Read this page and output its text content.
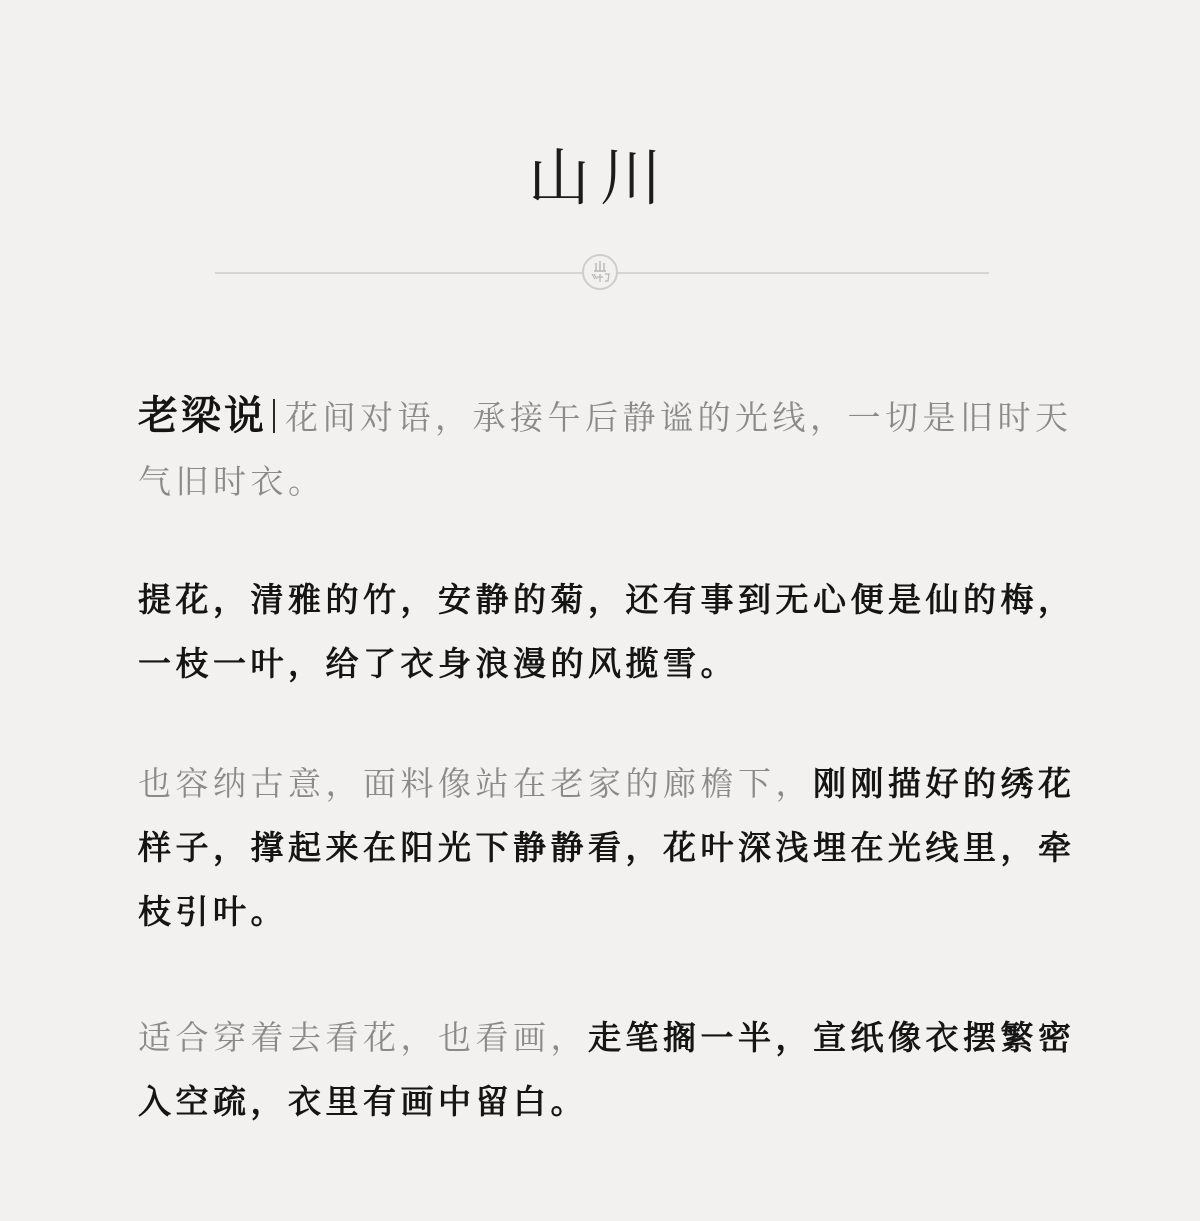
山川

老梁说 花间对语，承接午后静谧的光线，一切是旧时天气旧时衣。

提花，清雅的竹，安静的菊，还有事到无心便是仙的梅，一枝一叶，给了衣身浪漫的风揽雪。

也容纳古意，面料像站在老家的廊檐下，刚刚描好的绣花样子，撑起来在阳光下静静看，花叶深浅埋在光线里，牵枝引叶。

适合穿着去看花，也看画，走笔搁一半，宣纸像衣摆繁密入空疏，衣里有画中留白。
